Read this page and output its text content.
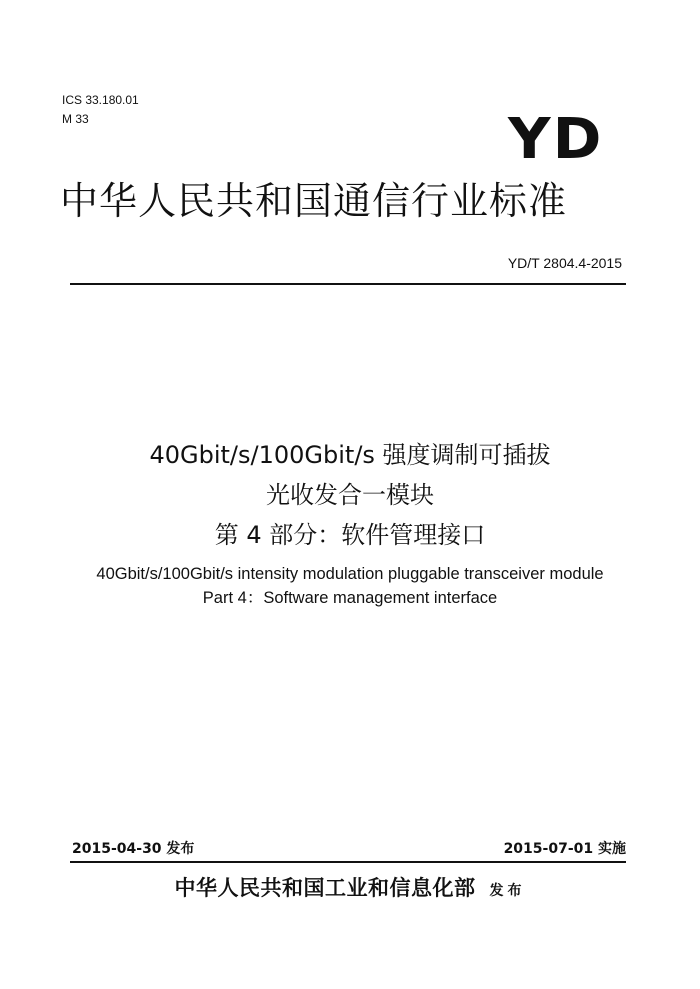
ICS 33.180.01
M 33	YD
中华人民共和国通信行业标准
YD/T 2804.4-2015
40Gbit/s/100Gbit/s 强度调制可插拔
光收发合一模块
第 4 部分：软件管理接口
40Gbit/s/100Gbit/s intensity modulation pluggable transceiver module
Part 4：Software management interface
2015-04-30 发布	2015-07-01 实施
中华人民共和国工业和信息化部 发布
